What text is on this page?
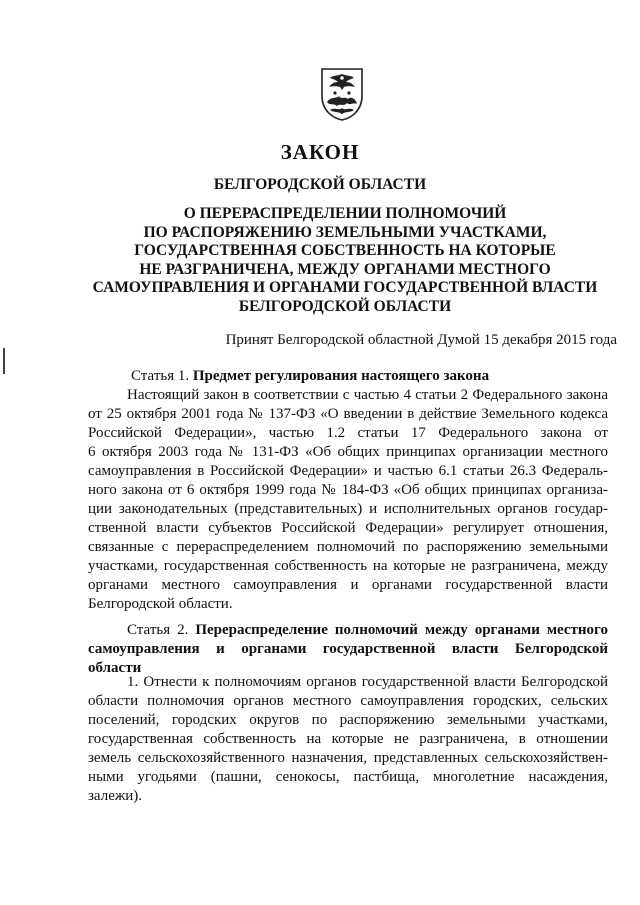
ЗАКОН
БЕЛГОРОДСКОЙ ОБЛАСТИ
О ПЕРЕРАСПРЕДЕЛЕНИИ ПОЛНОМОЧИЙ
ПО РАСПОРЯЖЕНИЮ ЗЕМЕЛЬНЫМИ УЧАСТКАМИ,
ГОСУДАРСТВЕННАЯ СОБСТВЕННОСТЬ НА КОТОРЫЕ
НЕ РАЗГРАНИЧЕНА, МЕЖДУ ОРГАНАМИ МЕСТНОГО
САМОУПРАВЛЕНИЯ И ОРГАНАМИ ГОСУДАРСТВЕННОЙ ВЛАСТИ
БЕЛГОРОДСКОЙ ОБЛАСТИ
Принят Белгородской областной Думой 15 декабря 2015 года
Статья 1. Предмет регулирования настоящего закона
Настоящий закон в соответствии с частью 4 статьи 2 Федерального закона
от 25 октября 2001 года № 137-ФЗ «О введении в действие Земельного кодекса
Российской Федерации», частью 1.2 статьи 17 Федерального закона от
6 октября 2003 года № 131-ФЗ «Об общих принципах организации местного
самоуправления в Российской Федерации» и частью 6.1 статьи 26.3 Федераль-
ного закона от 6 октября 1999 года № 184-ФЗ «Об общих принципах организа-
ции законодательных (представительных) и исполнительных органов государ-
ственной власти субъектов Российской Федерации» регулирует отношения,
связанные с перераспределением полномочий по распоряжению земельными
участками, государственная собственность на которые не разграничена, между
органами местного самоуправления и органами государственной власти
Белгородской области.
Статья 2. Перераспределение полномочий между органами местного
самоуправления и органами государственной власти Белгородской
области
1. Отнести к полномочиям органов государственной власти Белгородской
области полномочия органов местного самоуправления городских, сельских
поселений, городских округов по распоряжению земельными участками,
государственная собственность на которые не разграничена, в отношении
земель сельскохозяйственного назначения, представленных сельскохозяйствен-
ными угодьями (пашни, сенокосы, пастбища, многолетние насаждения,
залежи).
